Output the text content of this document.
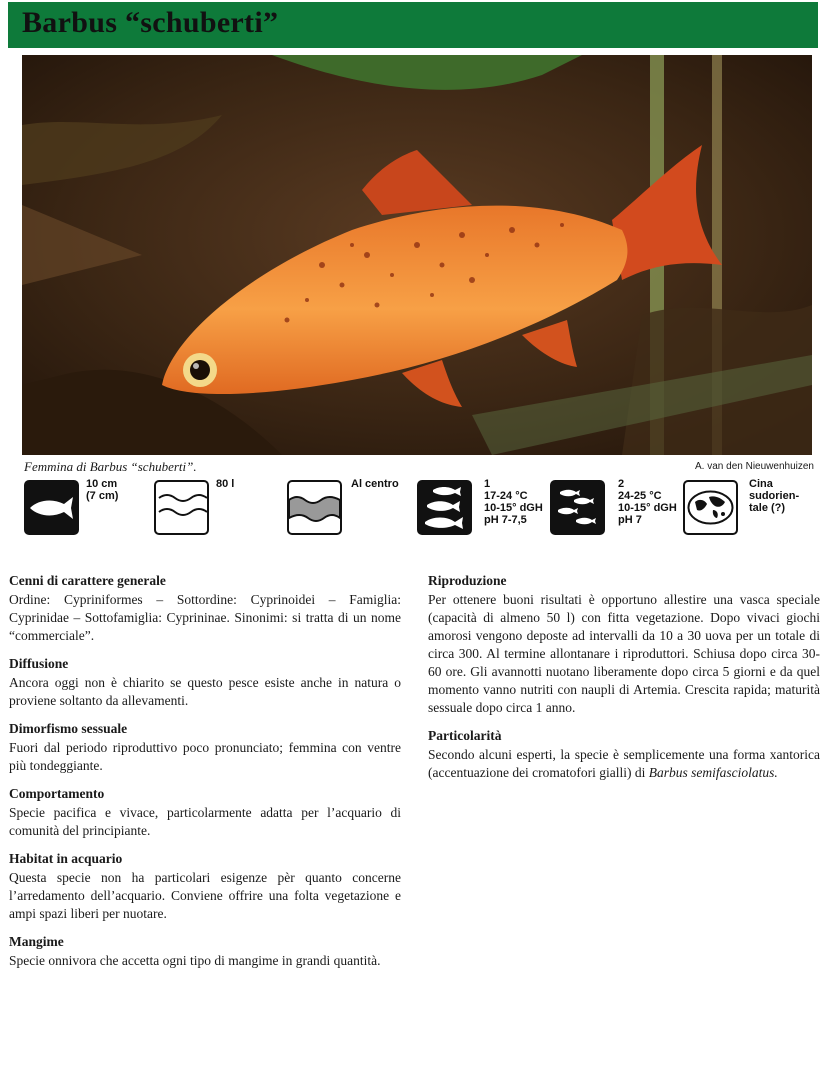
Barbus “schuberti”
Femmina di Barbus “schuberti”.	A. van den Nieuwenhuizen
10 cm
(7 cm)
80 l	Al centro	1
17-24 °C
10-15° dGH
pH 7-7,5
2
24-25 °C
10-15° dGH
pH 7
Cina
sudorien-
tale (?)
Cenni di carattere generale

Ordine: Cypriniformes – Sottordine: Cyprinoidei – Famiglia: Cyprinidae – Sottofamiglia: Cyprininae. Sinonimi: si tratta di un nome “commerciale”.

Diffusione

Ancora oggi non è chiarito se questo pesce esiste anche in natura o proviene soltanto da allevamenti.

Dimorfismo sessuale

Fuori dal periodo riproduttivo poco pronunciato; femmina con ventre più tondeggiante.

Comportamento

Specie pacifica e vivace, particolarmente adatta per l’acquario di comunità del principiante.

Habitat in acquario

Questa specie non ha particolari esigenze pèr quanto concerne l’arredamento dell’acquario. Conviene offrire una folta vegetazione e ampi spazi liberi per nuotare.

Mangime

Specie onnivora che accetta ogni tipo di mangime in grandi quantità.

Riproduzione

Per ottenere buoni risultati è opportuno allestire una vasca speciale (capacità di almeno 50 l) con fitta vegetazione. Dopo vivaci giochi amorosi vengono deposte ad intervalli da 10 a 30 uova per un totale di circa 300. Al termine allontanare i riproduttori. Schiusa dopo circa 30-60 ore. Gli avannotti nuotano liberamente dopo circa 5 giorni e da quel momento vanno nutriti con naupli di Artemia. Crescita rapida; maturità sessuale dopo circa 1 anno.

Particolarità

Secondo alcuni esperti, la specie è semplicemente una forma xantorica (accentuazione dei cromatofori gialli) di Barbus semifasciolatus.
